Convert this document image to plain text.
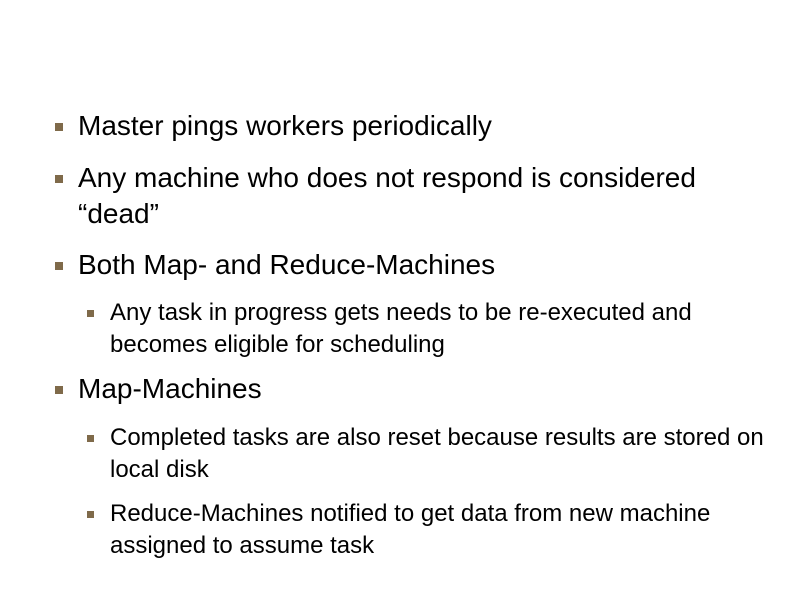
Master pings workers periodically
Any machine who does not respond is considered “dead”
Both Map- and Reduce-Machines
Any task in progress gets needs to be re-executed and becomes eligible for scheduling
Map-Machines
Completed tasks are also reset because results are stored on local disk
Reduce-Machines notified to get data from new machine assigned to assume task
